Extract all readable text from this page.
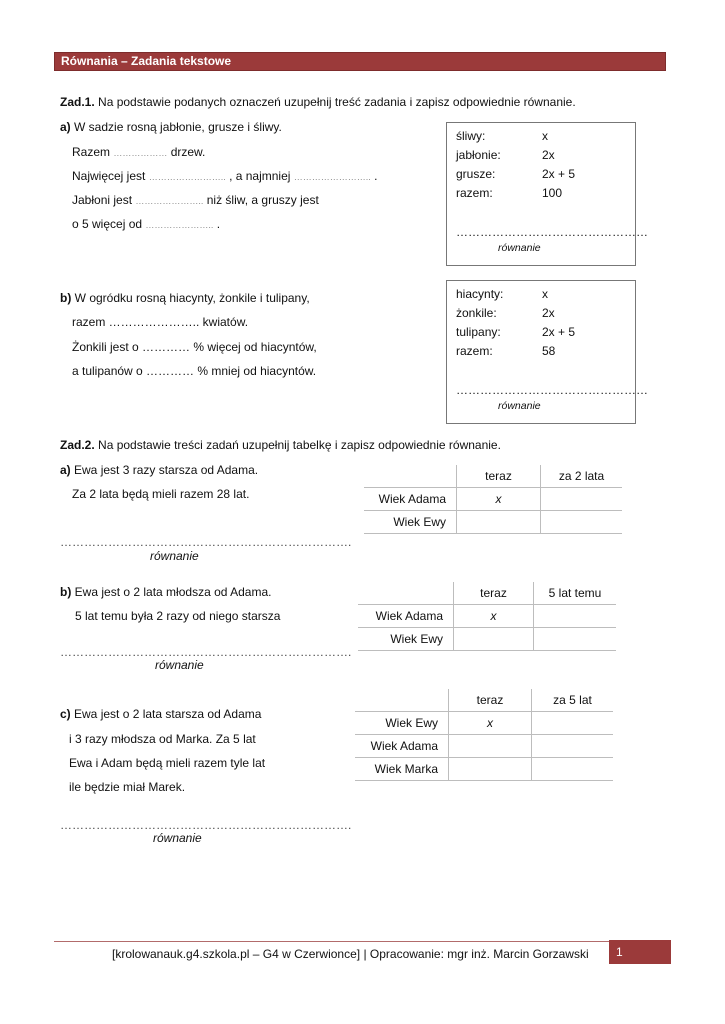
Równania – Zadania tekstowe
Zad.1. Na podstawie podanych oznaczeń uzupełnij treść zadania i zapisz odpowiednie równanie.
a) W sadzie rosną jabłonie, grusze i śliwy.
Razem ……………… drzew.
Najwięcej jest …………………….. , a najmniej …………………….. .
Jabłoni jest ………………….. niż śliw, a gruszy jest
o 5 więcej od ………………….. .
śliwy:	x
jabłonie:	2x
grusze:	2x + 5
razem:	100
…………………………………………
równanie
b) W ogródku rosną hiacynty, żonkile i tulipany,
razem ………………….. kwiatów.
Żonkili jest o ………… % więcej od hiacyntów,
a tulipanów o ………… % mniej od hiacyntów.
hiacynty:	x
żonkile:	2x
tulipany:	2x + 5
razem:	58
…………………………………………
równanie
Zad.2. Na podstawie treści zadań uzupełnij tabelkę i zapisz odpowiednie równanie.
a) Ewa jest 3 razy starsza od Adama.
Za 2 lata będą mieli razem 28 lat.
……………………………………………………………….
równanie
	teraz	za 2 lata
Wiek Adama	x	
Wiek Ewy		
b) Ewa jest o 2 lata młodsza od Adama.
5 lat temu była 2 razy od niego starsza
……………………………………………………………….
równanie
	teraz	5 lat temu
Wiek Adama	x	
Wiek Ewy		
c) Ewa jest o 2 lata starsza od Adama
i 3 razy młodsza od Marka. Za 5 lat
Ewa i Adam będą mieli razem tyle lat
ile będzie miał Marek.
……………………………………………………………….
równanie
	teraz	za 5 lat
Wiek Ewy	x	
Wiek Adama		
Wiek Marka		
[krolowanauk.g4.szkola.pl – G4 w Czerwionce] | Opracowanie: mgr inż. Marcin Gorzawski 1
